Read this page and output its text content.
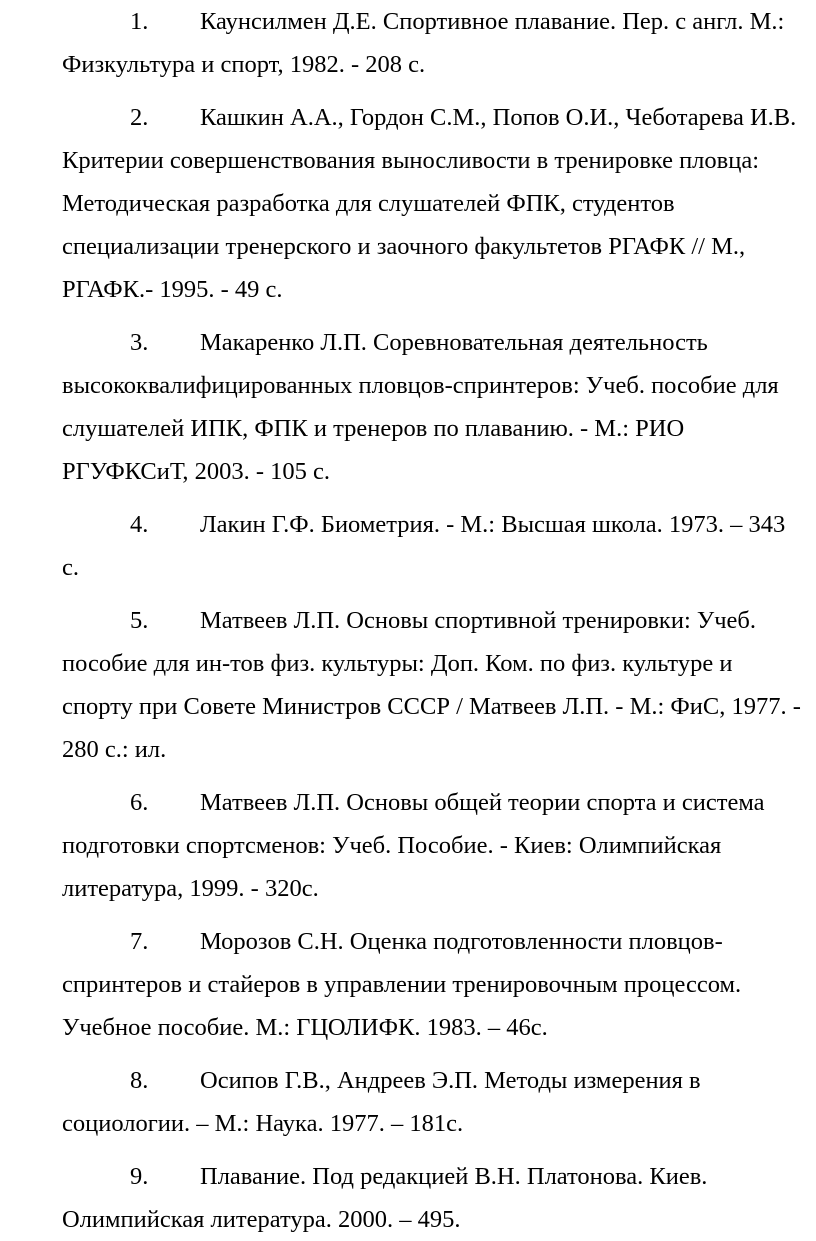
1. Каунсилмен Д.Е. Спортивное плавание. Пер. с англ. М.: Физкультура и спорт, 1982. - 208 с.
2. Кашкин А.А., Гордон С.М., Попов О.И., Чеботарева И.В. Критерии совершенствования выносливости в тренировке пловца: Методическая разработка для слушателей ФПК, студентов специализации тренерского и заочного факультетов РГАФК // М., РГАФК.- 1995. - 49 с.
3. Макаренко Л.П. Соревновательная деятельность высококвалифицированных пловцов-спринтеров: Учеб. пособие для слушателей ИПК, ФПК и тренеров по плаванию. - М.: РИО РГУФКСиТ, 2003. - 105 с.
4. Лакин Г.Ф. Биометрия. - М.: Высшая школа. 1973. – 343 с.
5. Матвеев Л.П. Основы спортивной тренировки: Учеб. пособие для ин-тов физ. культуры: Доп. Ком. по физ. культуре и спорту при Совете Министров СССР / Матвеев Л.П. - М.: ФиС, 1977. - 280 с.: ил.
6. Матвеев Л.П. Основы общей теории спорта и система подготовки спортсменов: Учеб. Пособие. - Киев: Олимпийская литература, 1999. - 320с.
7. Морозов С.Н. Оценка подготовленности пловцов-спринтеров и стайеров в управлении тренировочным процессом. Учебное пособие. М.: ГЦОЛИФК. 1983. – 46с.
8. Осипов Г.В., Андреев Э.П. Методы измерения в социологии. – М.: Наука. 1977. – 181с.
9. Плавание. Под редакцией В.Н. Платонова. Киев. Олимпийская литература. 2000. – 495.
